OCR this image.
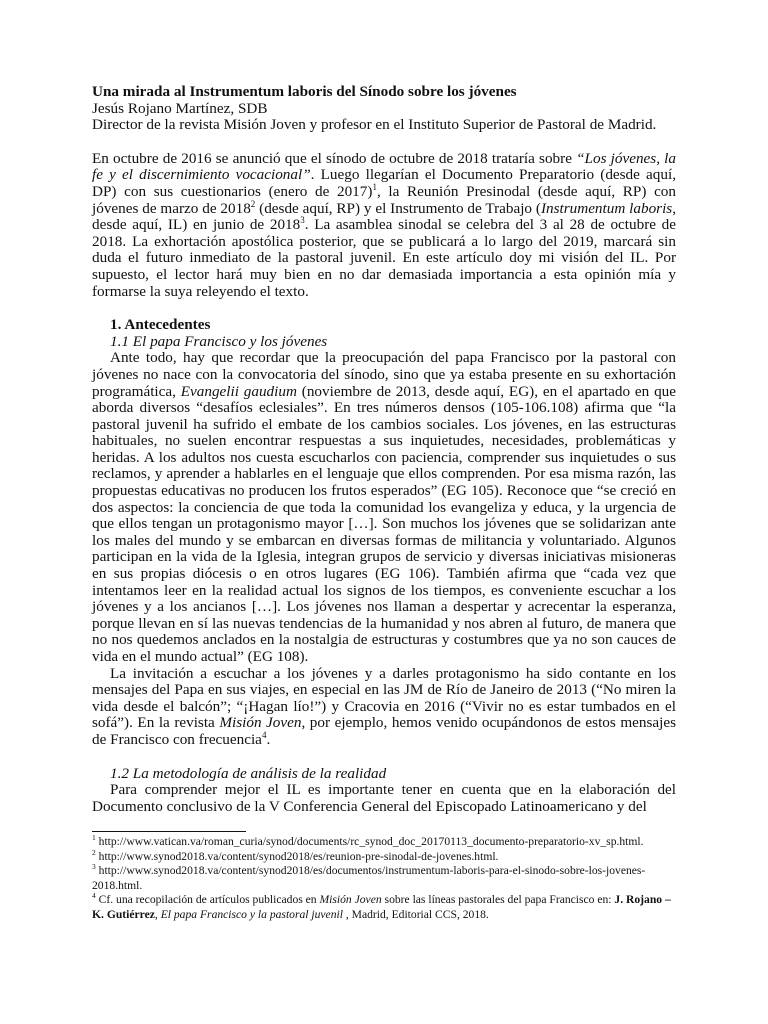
Una mirada al Instrumentum laboris del Sínodo sobre los jóvenes
Jesús Rojano Martínez, SDB
Director de la revista Misión Joven y profesor en el Instituto Superior de Pastoral de Madrid.

En octubre de 2016 se anunció que el sínodo de octubre de 2018 trataría sobre “Los jóvenes, la fe y el discernimiento vocacional”. Luego llegarían el Documento Preparatorio (desde aquí, DP) con sus cuestionarios (enero de 2017)$^1$, la Reunión Presinodal (desde aquí, RP) con jóvenes de marzo de 2018$^2$ (desde aquí, RP) y el Instrumento de Trabajo (Instrumentum laboris, desde aquí, IL) en junio de 2018$^3$. La asamblea sinodal se celebra del 3 al 28 de octubre de 2018. La exhortación apostólica posterior, que se publicará a lo largo del 2019, marcará sin duda el futuro inmediato de la pastoral juvenil. En este artículo doy mi visión del IL. Por supuesto, el lector hará muy bien en no dar demasiada importancia a esta opinión mía y formarse la suya releyendo el texto.

1. Antecedentes
1.1 El papa Francisco y los jóvenes

Ante todo, hay que recordar que la preocupación del papa Francisco por la pastoral con jóvenes no nace con la convocatoria del sínodo, sino que ya estaba presente en su exhortación programática, Evangelii gaudium (noviembre de 2013, desde aquí, EG), en el apartado en que aborda diversos “desafíos eclesiales”. En tres números densos (105-106.108) afirma que “la pastoral juvenil ha sufrido el embate de los cambios sociales. Los jóvenes, en las estructuras habituales, no suelen encontrar respuestas a sus inquietudes, necesidades, problemáticas y heridas. A los adultos nos cuesta escucharlos con paciencia, comprender sus inquietudes o sus reclamos, y aprender a hablarles en el lenguaje que ellos comprenden. Por esa misma razón, las propuestas educativas no producen los frutos esperados” (EG 105). Reconoce que “se creció en dos aspectos: la conciencia de que toda la comunidad los evangeliza y educa, y la urgencia de que ellos tengan un protagonismo mayor […]. Son muchos los jóvenes que se solidarizan ante los males del mundo y se embarcan en diversas formas de militancia y voluntariado. Algunos participan en la vida de la Iglesia, integran grupos de servicio y diversas iniciativas misioneras en sus propias diócesis o en otros lugares (EG 106). También afirma que “cada vez que intentamos leer en la realidad actual los signos de los tiempos, es conveniente escuchar a los jóvenes y a los ancianos […]. Los jóvenes nos llaman a despertar y acrecentar la esperanza, porque llevan en sí las nuevas tendencias de la humanidad y nos abren al futuro, de manera que no nos quedemos anclados en la nostalgia de estructuras y costumbres que ya no son cauces de vida en el mundo actual” (EG 108).

La invitación a escuchar a los jóvenes y a darles protagonismo ha sido contante en los mensajes del Papa en sus viajes, en especial en las JM de Río de Janeiro de 2013 (“No miren la vida desde el balcón”; “¡Hagan lío!”) y Cracovia en 2016 (“Vivir no es estar tumbados en el sofá”). En la revista Misión Joven, por ejemplo, hemos venido ocupándonos de estos mensajes de Francisco con frecuencia$^4$.

1.2 La metodología de análisis de la realidad

Para comprender mejor el IL es importante tener en cuenta que en la elaboración del Documento conclusivo de la V Conferencia General del Episcopado Latinoamericano y del

$^1$ http://www.vatican.va/roman_curia/synod/documents/rc_synod_doc_20170113_documento-preparatorio-xv_sp.html.

$^2$ http://www.synod2018.va/content/synod2018/es/reunion-pre-sinodal-de-jovenes.html.

$^3$ http://www.synod2018.va/content/synod2018/es/documentos/instrumentum-laboris-para-el-sinodo-sobre-los-jovenes-2018.html.

$^4$ Cf. una recopilación de artículos publicados en Misión Joven sobre las líneas pastorales del papa Francisco en: J. Rojano – K. Gutiérrez, El papa Francisco y la pastoral juvenil , Madrid, Editorial CCS, 2018.
